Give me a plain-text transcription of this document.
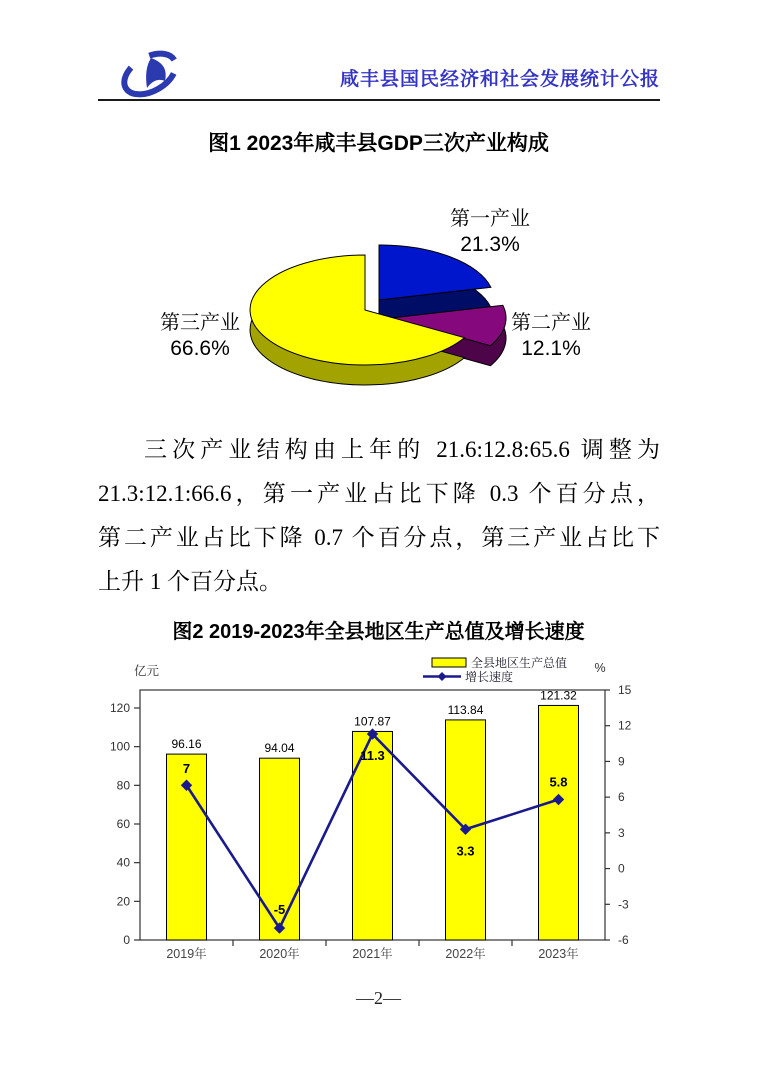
咸丰县国民经济和社会发展统计公报
图1 2023年咸丰县GDP三次产业构成
第一产业
21.3%
第二产业
12.1%
第三产业
66.6%
三次产业结构由上年的 21.6:12.8:65.6 调整为
21.3:12.1:66.6，第一产业占比下降 0.3 个百分点，
第二产业占比下降 0.7 个百分点，第三产业占比下
上升 1 个百分点。
图2 2019-2023年全县地区生产总值及增长速度
0
20
40
60
80
100
120
亿元
-6
-3
0
3
6
9
12
15
%
2019年	2020年	2021年	2022年	2023年
96.16	94.04
107.87
113.84
121.32
7
-5
11.3
3.3
5.8
全县地区生产总值
增长速度
—2—
